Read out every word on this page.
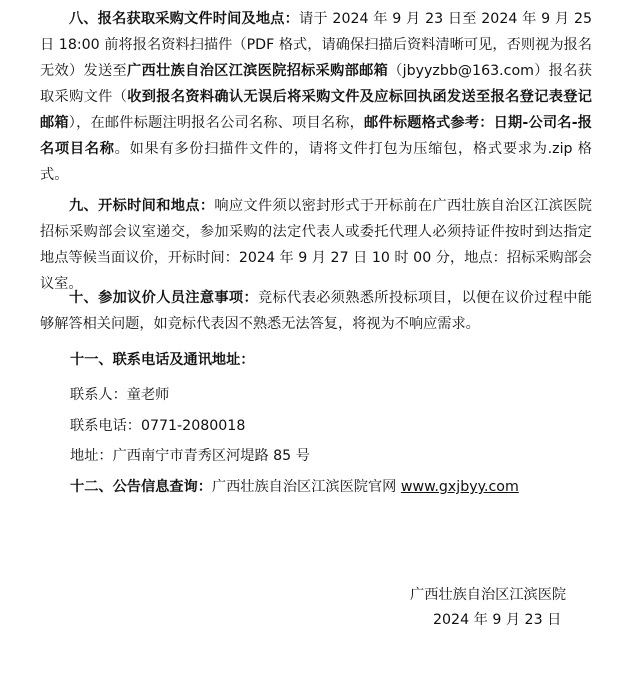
八、报名获取采购文件时间及地点：请于 2024 年 9 月 23 日至 2024 年 9 月 25 日 18:00 前将报名资料扫描件（PDF 格式，请确保扫描后资料清晰可见，否则视为报名无效）发送至广西壮族自治区江滨医院招标采购部邮箱（jbyyzbb@163.com）报名获取采购文件（收到报名资料确认无误后将采购文件及应标回执函发送至报名登记表登记邮箱），在邮件标题注明报名公司名称、项目名称，邮件标题格式参考：日期-公司名-报名项目名称。如果有多份扫描件文件的，请将文件打包为压缩包，格式要求为.zip 格式。

九、开标时间和地点：响应文件须以密封形式于开标前在广西壮族自治区江滨医院招标采购部会议室递交，参加采购的法定代表人或委托代理人必须持证件按时到达指定地点等候当面议价，开标时间：2024 年 9 月 27 日 10 时 00 分，地点：招标采购部会议室。

十、参加议价人员注意事项：竞标代表必须熟悉所投标项目，以便在议价过程中能够解答相关问题，如竞标代表因不熟悉无法答复，将视为不响应需求。

十一、联系电话及通讯地址：
联系人：童老师
联系电话：0771-2080018
地址：广西南宁市青秀区河堤路 85 号
十二、公告信息查询：广西壮族自治区江滨医院官网 www.gxjbyy.com
广西壮族自治区江滨医院
2024 年 9 月 23 日
